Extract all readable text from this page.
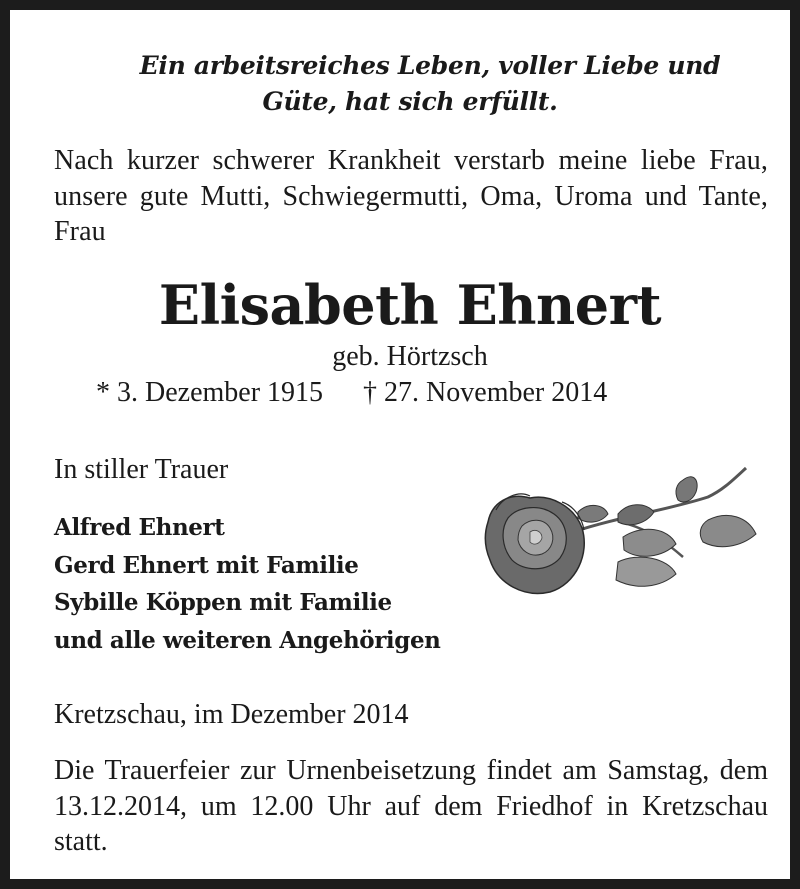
Ein arbeitsreiches Leben, voller Liebe und
Güte, hat sich erfüllt.
Nach kurzer schwerer Krankheit verstarb meine liebe Frau, unsere gute Mutti, Schwiegermutti, Oma, Uroma und Tante, Frau
Elisabeth Ehnert
geb. Hörtzsch
* 3. Dezember 1915 † 27. November 2014
In stiller Trauer
Alfred Ehnert
Gerd Ehnert mit Familie
Sybille Köppen mit Familie
und alle weiteren Angehörigen
Kretzschau, im Dezember 2014
Die Trauerfeier zur Urnenbeisetzung findet am Samstag, dem 13.12.2014, um 12.00 Uhr auf dem Friedhof in Kretzschau statt.
